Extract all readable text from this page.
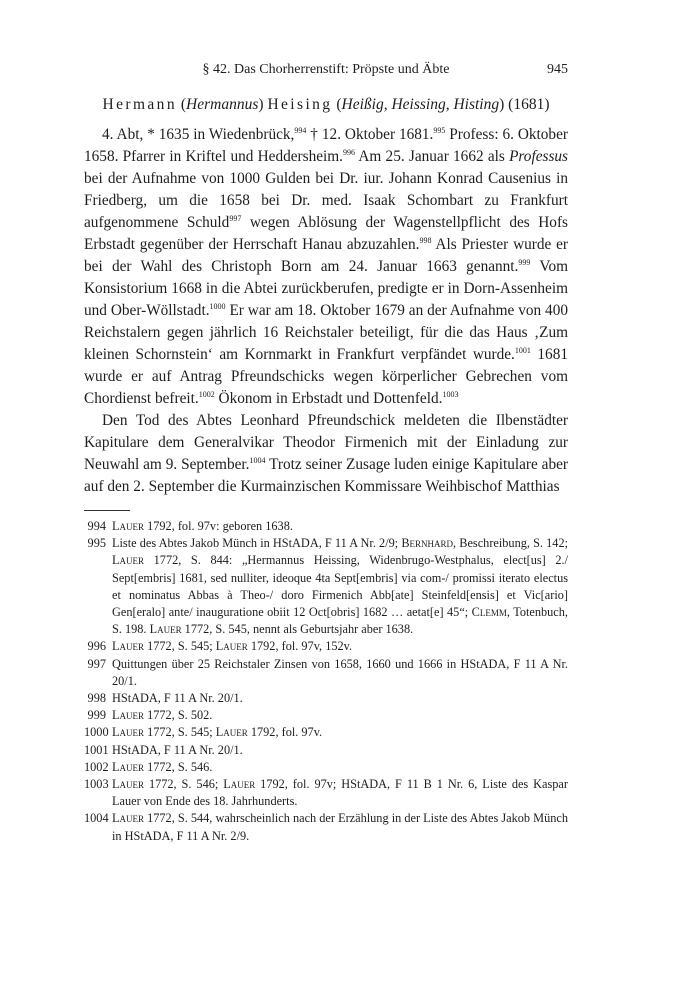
§ 42. Das Chorherrenstift: Pröpste und Äbte	945
Hermann (Hermannus) Heising (Heißig, Heissing, Histing) (1681)

4. Abt, * 1635 in Wiedenbrück,$^{994}$ † 12. Oktober 1681.$^{995}$ Profess: 6. Oktober 1658. Pfarrer in Kriftel und Heddersheim.$^{996}$ Am 25. Januar 1662 als Professus bei der Aufnahme von 1000 Gulden bei Dr. iur. Johann Konrad Causenius in Friedberg, um die 1658 bei Dr. med. Isaak Schombart zu Frankfurt aufgenommene Schuld$^{997}$ wegen Ablösung der Wagenstellpflicht des Hofs Erbstadt gegenüber der Herrschaft Hanau abzuzahlen.$^{998}$ Als Priester wurde er bei der Wahl des Christoph Born am 24. Januar 1663 genannt.$^{999}$ Vom Konsistorium 1668 in die Abtei zurückberufen, predigte er in Dorn-Assenheim und Ober-Wöllstadt.$^{1000}$ Er war am 18. Oktober 1679 an der Aufnahme von 400 Reichstalern gegen jährlich 16 Reichstaler beteiligt, für die das Haus ‚Zum kleinen Schornstein‘ am Kornmarkt in Frankfurt verpfändet wurde.$^{1001}$ 1681 wurde er auf Antrag Pfreundschicks wegen körperlicher Gebrechen vom Chordienst befreit.$^{1002}$ Ökonom in Erbstadt und Dottenfeld.$^{1003}$

Den Tod des Abtes Leonhard Pfreundschick meldeten die Ilbenstädter Kapitulare dem Generalvikar Theodor Firmenich mit der Einladung zur Neuwahl am 9. September.$^{1004}$ Trotz seiner Zusage luden einige Kapitulare aber auf den 2. September die Kurmainzischen Kommissare Weihbischof Matthias

994 Lauer 1792, fol. 97v: geboren 1638.
995 Liste des Abtes Jakob Münch in HStADA, F 11 A Nr. 2/9; Bernhard, Beschreibung, S. 142; Lauer 1772, S. 844: „Hermannus Heissing, Widenbrugo-Westphalus, elect[us] 2./ Sept[embris] 1681, sed nulliter, ideoque 4ta Sept[embris] via com-/ promissi iterato electus et nominatus Abbas à Theo-/ doro Firmenich Abb[ate] Steinfeld[ensis] et Vic[ario] Gen[eralo] ante/ inaugurationе obiit 12 Oct[obris] 1682 … aetat[e] 45“; Clemm, Totenbuch, S. 198. Lauer 1772, S. 545, nennt als Geburtsjahr aber 1638.
996 Lauer 1772, S. 545; Lauer 1792, fol. 97v, 152v.
997 Quittungen über 25 Reichstaler Zinsen von 1658, 1660 und 1666 in HStADA, F 11 A Nr. 20/1.
998 HStADA, F 11 A Nr. 20/1.
999 Lauer 1772, S. 502.
1000 Lauer 1772, S. 545; Lauer 1792, fol. 97v.
1001 HStADA, F 11 A Nr. 20/1.
1002 Lauer 1772, S. 546.
1003 Lauer 1772, S. 546; Lauer 1792, fol. 97v; HStADA, F 11 B 1 Nr. 6, Liste des Kaspar Lauer von Ende des 18. Jahrhunderts.
1004 Lauer 1772, S. 544, wahrscheinlich nach der Erzählung in der Liste des Abtes Jakob Münch in HStADA, F 11 A Nr. 2/9.
